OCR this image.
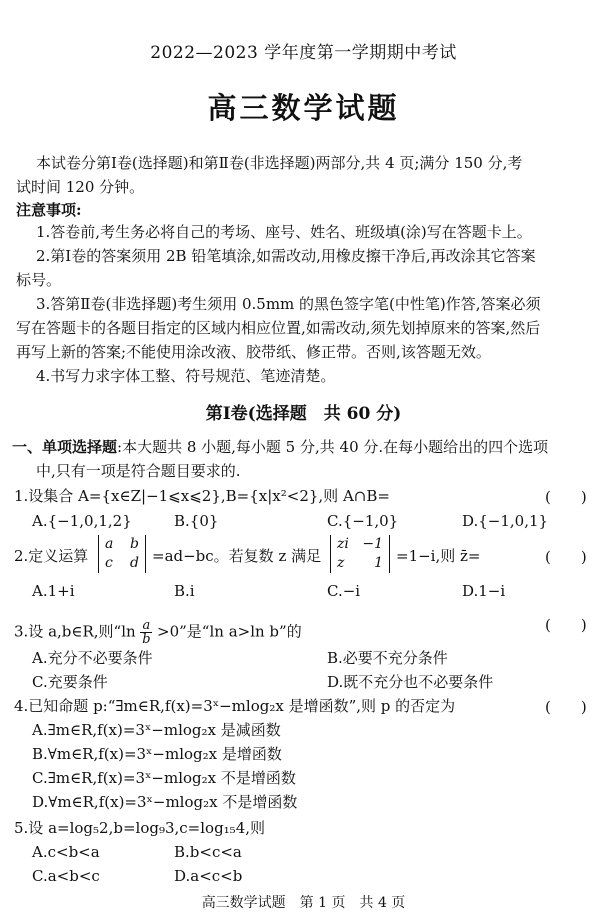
2022—2023 学年度第一学期期中考试
高三数学试题
本试卷分第Ⅰ卷(选择题)和第Ⅱ卷(非选择题)两部分,共 4 页;满分 150 分,考
试时间 120 分钟。
注意事项:
1.答卷前,考生务必将自己的考场、座号、姓名、班级填(涂)写在答题卡上。
2.第Ⅰ卷的答案须用 2B 铅笔填涂,如需改动,用橡皮擦干净后,再改涂其它答案
标号。
3.答第Ⅱ卷(非选择题)考生须用 0.5mm 的黑色签字笔(中性笔)作答,答案必须
写在答题卡的各题目指定的区域内相应位置,如需改动,须先划掉原来的答案,然后
再写上新的答案;不能使用涂改液、胶带纸、修正带。否则,该答题无效。
4.书写力求字体工整、符号规范、笔迹清楚。
第Ⅰ卷(选择题　共 60 分)
一、单项选择题:本大题共 8 小题,每小题 5 分,共 40 分.在每小题给出的四个选项
中,只有一项是符合题目要求的.
1.设集合 A={x∈Z|−1⩽x⩽2},B={x|x²<2},则 A∩B=	(　　)
A.{−1,0,1,2}	B.{0}	C.{−1,0}	D.{−1,0,1}
2.定义运算
a b
c d =ad−bc。若复数 z 满足
zi −1
z 1 =1−i,则 z̄=	(　　)
A.1+i	B.i	C.−i	D.1−i
3.设 a,b∈R,则“$\ln \frac{a}{b} >0$”是“ln a>ln b”的	(　　)
A.充分不必要条件	B.必要不充分条件
C.充要条件	D.既不充分也不必要条件
4.已知命题 p:“∃m∈R,f(x)=3ˣ−mlog₂x 是增函数”,则 p 的否定为	(　　)
A.∃m∈R,f(x)=3ˣ−mlog₂x 是减函数
B.∀m∈R,f(x)=3ˣ−mlog₂x 是增函数
C.∃m∈R,f(x)=3ˣ−mlog₂x 不是增函数
D.∀m∈R,f(x)=3ˣ−mlog₂x 不是增函数
5.设 a=log₅2,b=log₉3,c=log₁₅4,则
A.c<b<a	B.b<c<a
C.a<b<c	D.a<c<b
高三数学试题　第 1 页　共 4 页
